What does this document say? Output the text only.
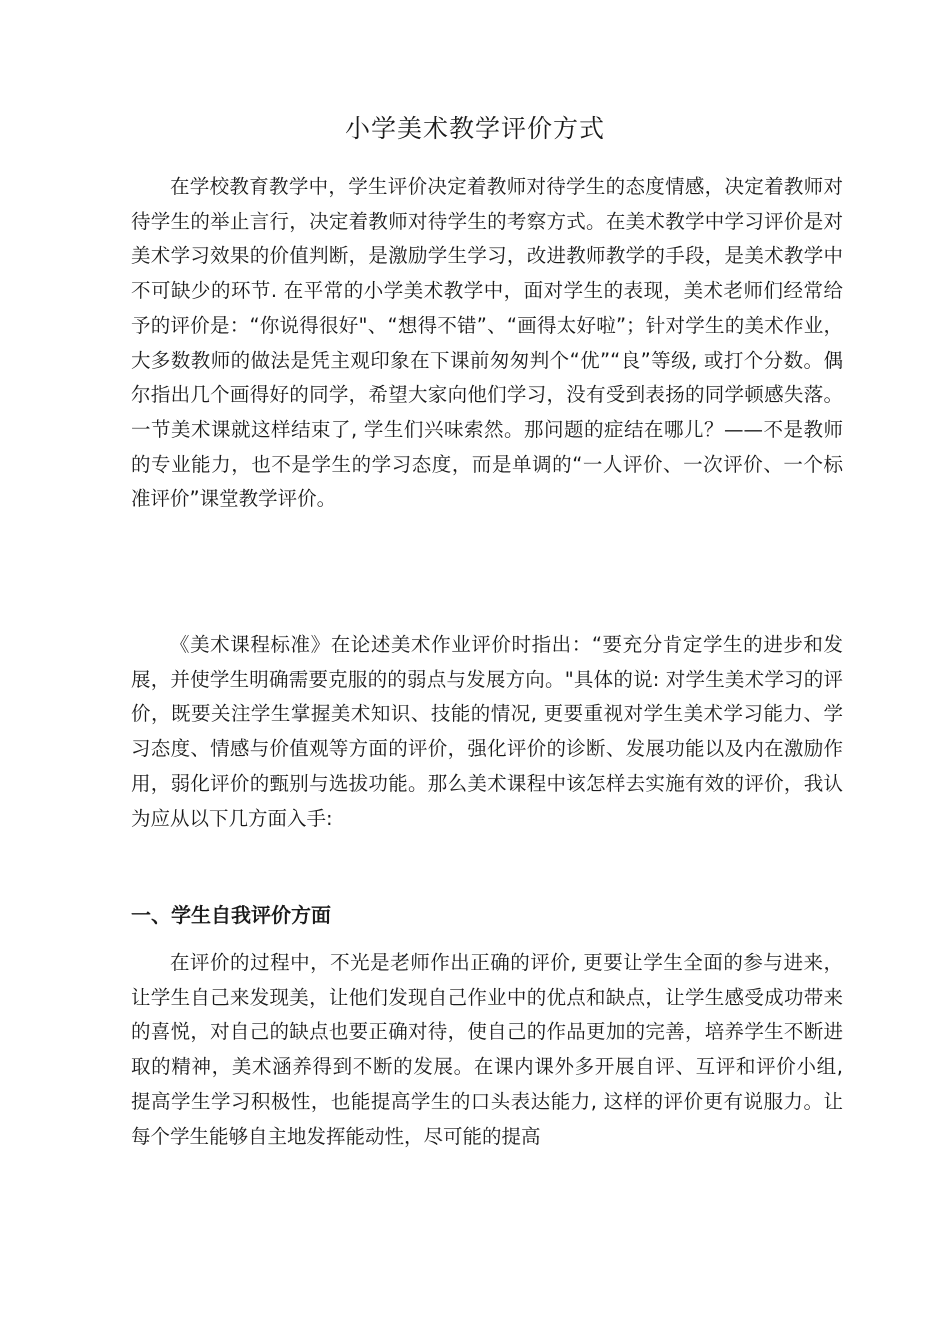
小学美术教学评价方式

在学校教育教学中，学生评价决定着教师对待学生的态度情感，决定着教师对待学生的举止言行，决定着教师对待学生的考察方式。在美术教学中学习评价是对美术学习效果的价值判断，是激励学生学习，改进教师教学的手段，是美术教学中不可缺少的环节. 在平常的小学美术教学中，面对学生的表现，美术老师们经常给予的评价是：“你说得很好"、“想得不错”、“画得太好啦”；针对学生的美术作业，大多数教师的做法是凭主观印象在下课前匆匆判个“优”“良”等级, 或打个分数。偶尔指出几个画得好的同学，希望大家向他们学习，没有受到表扬的同学顿感失落。一节美术课就这样结束了, 学生们兴味索然。那问题的症结在哪儿？——不是教师的专业能力，也不是学生的学习态度，而是单调的“一人评价、一次评价、一个标准评价”课堂教学评价。

《美术课程标准》在论述美术作业评价时指出：“要充分肯定学生的进步和发展，并使学生明确需要克服的的弱点与发展方向。"具体的说: 对学生美术学习的评价，既要关注学生掌握美术知识、技能的情况, 更要重视对学生美术学习能力、学习态度、情感与价值观等方面的评价，强化评价的诊断、发展功能以及内在激励作用，弱化评价的甄别与选拔功能。那么美术课程中该怎样去实施有效的评价，我认为应从以下几方面入手:

一、学生自我评价方面

在评价的过程中，不光是老师作出正确的评价, 更要让学生全面的参与进来，让学生自己来发现美，让他们发现自己作业中的优点和缺点，让学生感受成功带来的喜悦，对自己的缺点也要正确对待，使自己的作品更加的完善，培养学生不断进取的精神，美术涵养得到不断的发展。在课内课外多开展自评、互评和评价小组, 提高学生学习积极性，也能提高学生的口头表达能力, 这样的评价更有说服力。让每个学生能够自主地发挥能动性，尽可能的提高
